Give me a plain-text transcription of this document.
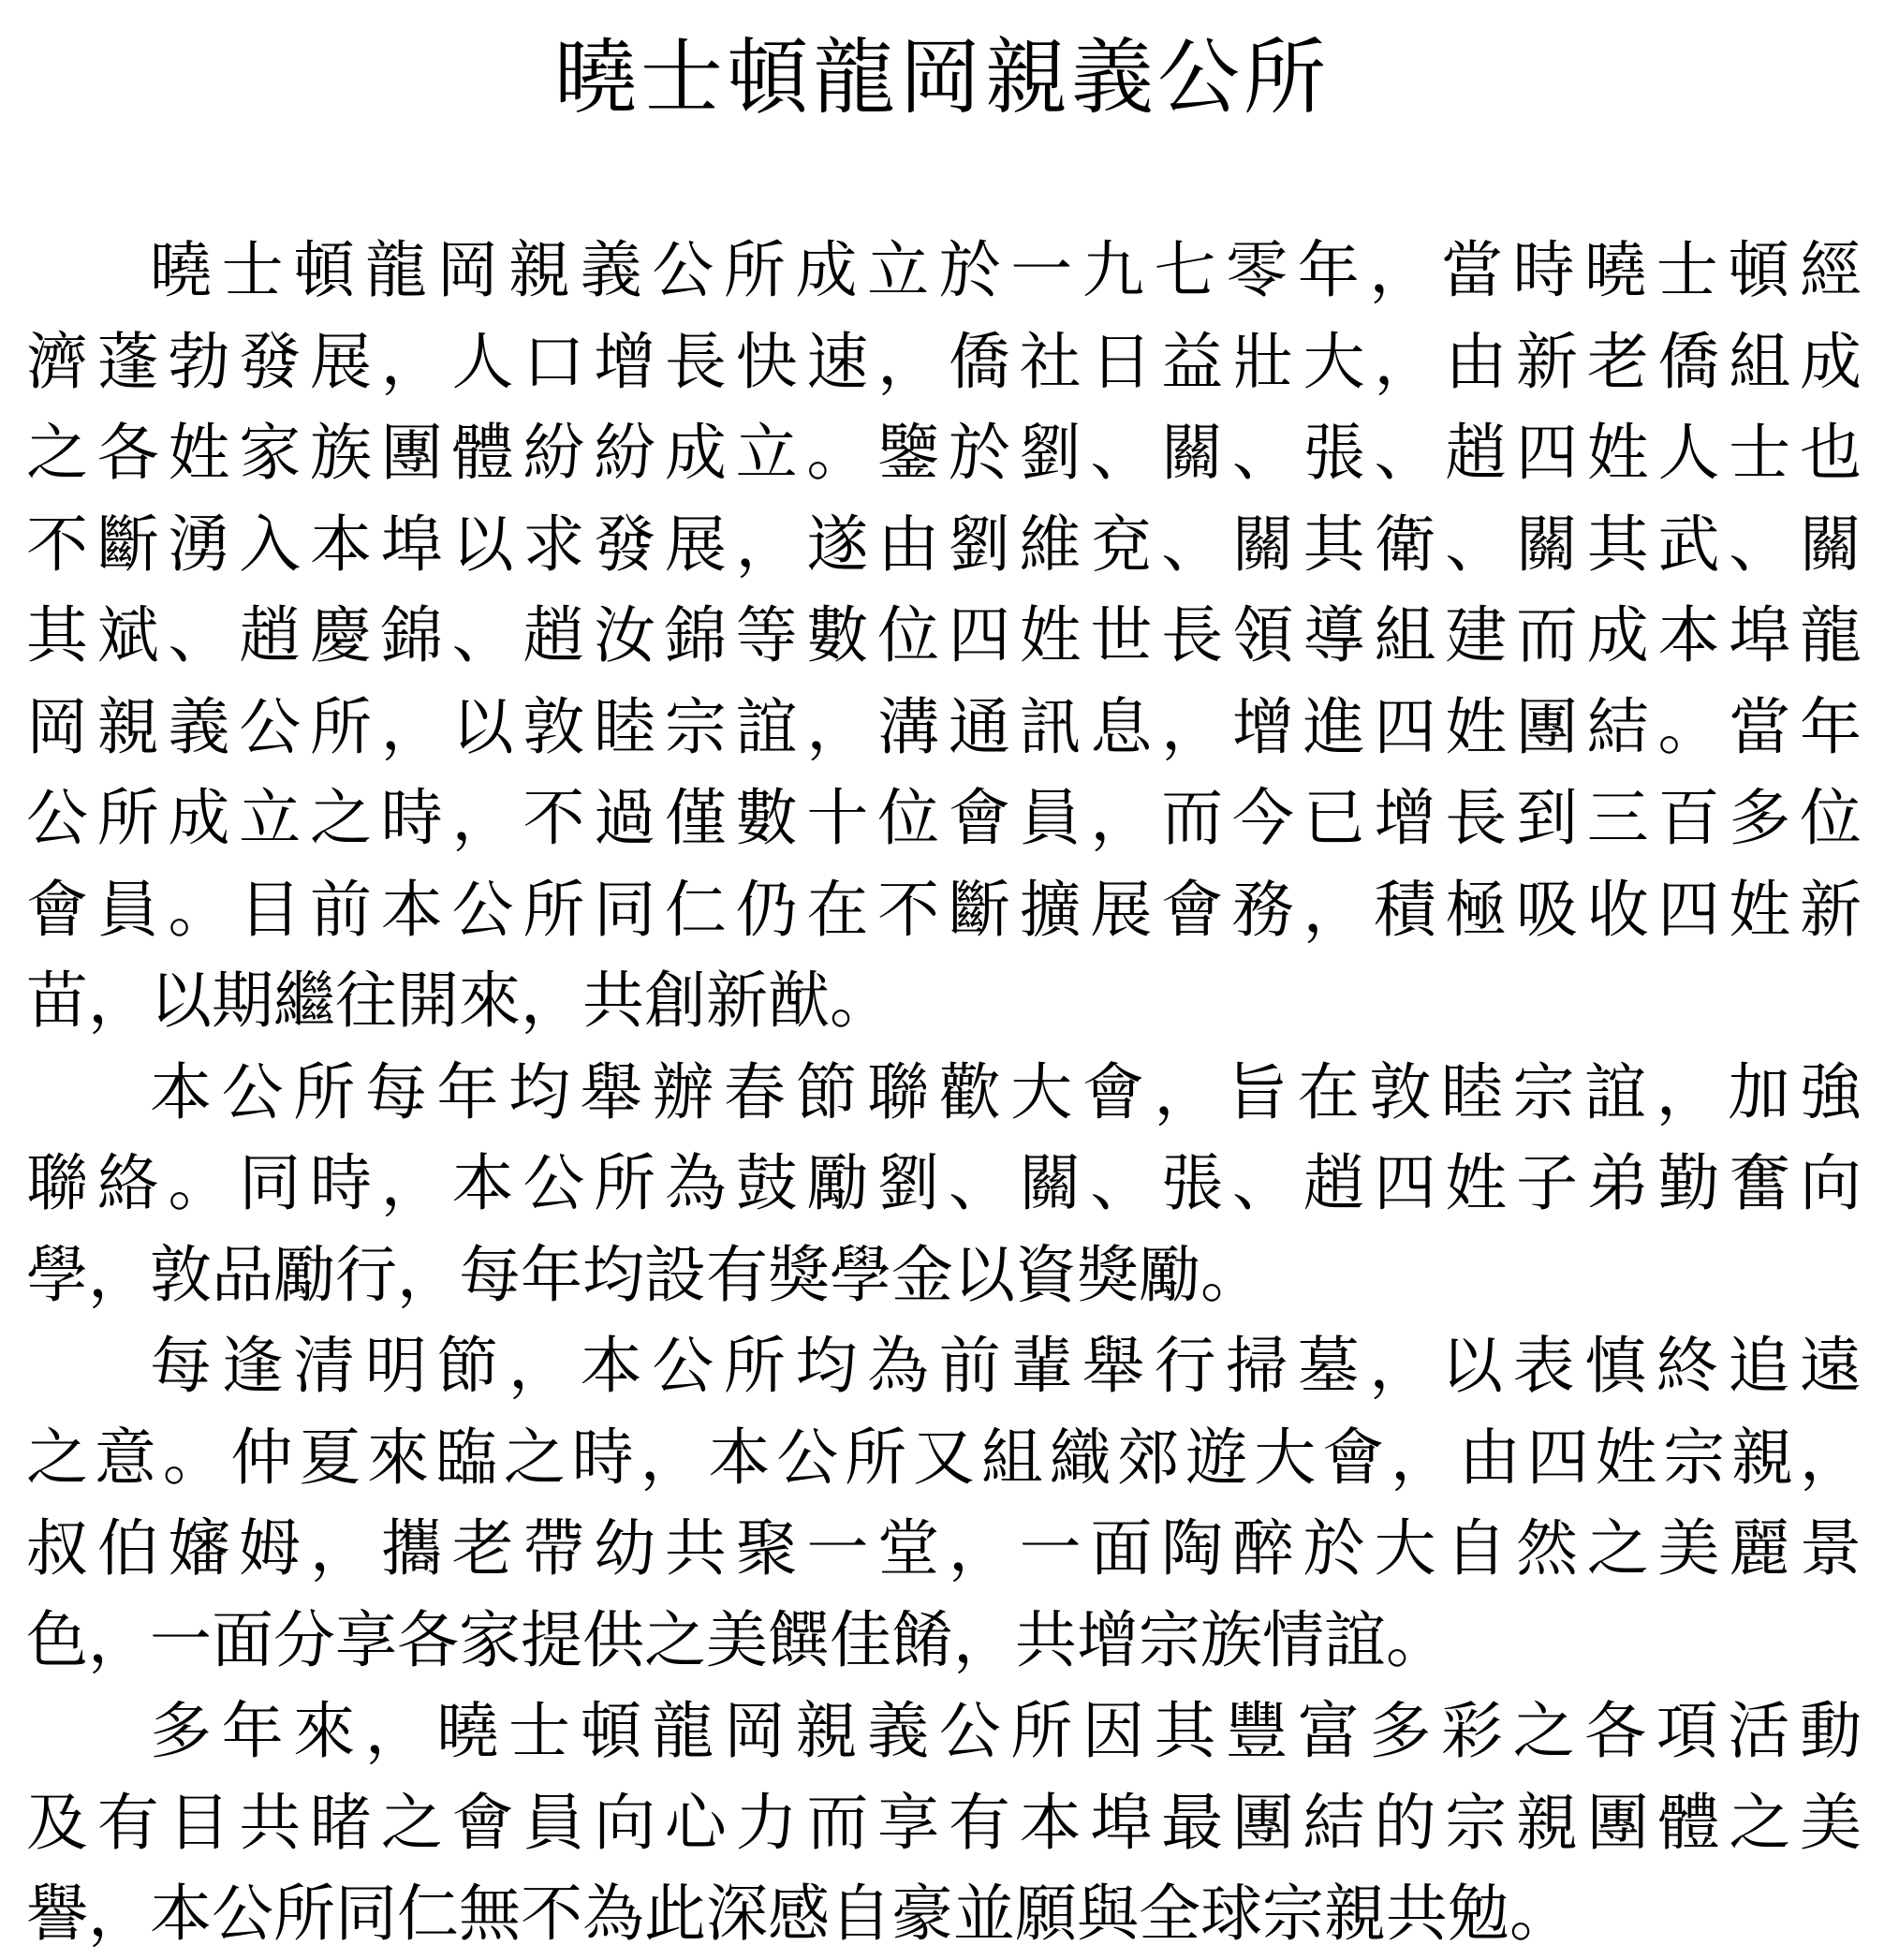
曉士頓龍岡親義公所
曉士頓龍岡親義公所成立於一九七零年，當時曉士頓經
濟蓬勃發展，人口增長快速，僑社日益壯大，由新老僑組成
之各姓家族團體紛紛成立。鑒於劉、關、張、趙四姓人士也
不斷湧入本埠以求發展，遂由劉維兗、關其衛、關其武、關
其斌、趙慶錦、趙汝錦等數位四姓世長領導組建而成本埠龍
岡親義公所，以敦睦宗誼，溝通訊息，增進四姓團結。當年
公所成立之時，不過僅數十位會員，而今已增長到三百多位
會員。目前本公所同仁仍在不斷擴展會務，積極吸收四姓新
苗，以期繼往開來，共創新猷。
本公所每年均舉辦春節聯歡大會，旨在敦睦宗誼，加強
聯絡。同時，本公所為鼓勵劉、關、張、趙四姓子弟勤奮向
學，敦品勵行，每年均設有獎學金以資獎勵。
每逢清明節，本公所均為前輩舉行掃墓，以表慎終追遠
之意。仲夏來臨之時，本公所又組織郊遊大會，由四姓宗親，
叔伯嬸姆，攜老帶幼共聚一堂，一面陶醉於大自然之美麗景
色，一面分享各家提供之美饌佳餚，共增宗族情誼。
多年來，曉士頓龍岡親義公所因其豐富多彩之各項活動
及有目共睹之會員向心力而享有本埠最團結的宗親團體之美
譽，本公所同仁無不為此深感自豪並願與全球宗親共勉。
